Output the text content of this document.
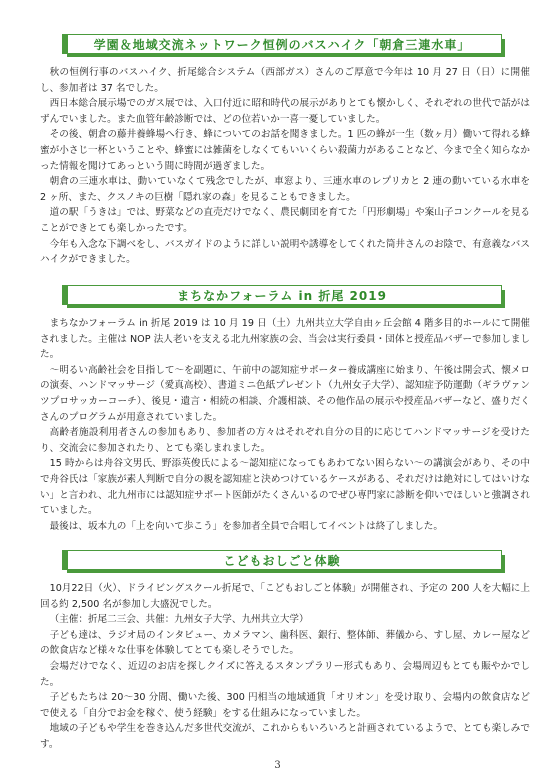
学園＆地域交流ネットワーク恒例のバスハイク「朝倉三連水車」

秋の恒例行事のバスハイク、折尾総合システム（西部ガス）さんのご厚意で今年は 10 月 27 日（日）に開催し、参加者は 37 名でした。

西日本総合展示場でのガス展では、入口付近に昭和時代の展示がありとても懐かしく、それぞれの世代で話がはずんでいました。また血管年齢診断では、どの位若いか一喜一憂していました。

その後、朝倉の藤井養蜂場へ行き、蜂についてのお話を聞きました。1 匹の蜂が一生（数ヶ月）働いて得れる蜂蜜が小さじ一杯ということや、蜂蜜には雑菌をしなくてもいいくらい殺菌力があることなど、今まで全く知らなかった情報を聞けてあっという間に時間が過ぎました。

朝倉の三連水車は、動いていなくて残念でしたが、車窓より、三連水車のレプリカと 2 連の動いている水車を 2 ヶ所、また、クスノキの巨樹「隠れ家の森」を見ることもできました。

道の駅「うきは」では、野菜などの直売だけでなく、農民劇団を育てた「円形劇場」や案山子コンクールを見ることができとても楽しかったです。

今年も入念な下調べをし、バスガイドのように詳しい説明や誘導をしてくれた筒井さんのお陰で、有意義なバスハイクができました。

まちなかフォーラム in 折尾 2019

まちなかフォーラム in 折尾 2019 は 10 月 19 日（土）九州共立大学自由ヶ丘会館 4 階多目的ホールにて開催されました。主催は NOP 法人老いを支える北九州家族の会、当会は実行委員・団体と授産品バザーで参加しました。

～明るい高齢社会を目指して～を副題に、午前中の認知症サポーター養成講座に始まり、午後は開会式、懐メロの演奏、ハンドマッサージ（愛真高校）、書道ミニ色紙プレゼント（九州女子大学）、認知症予防運動（ギラヴァンツプロサッカーコーチ）、後見・遺言・相続の相談、介護相談、その他作品の展示や授産品バザーなど、盛りだくさんのプログラムが用意されていました。

高齢者施設利用者さんの参加もあり、参加者の方々はそれぞれ自分の目的に応じてハンドマッサージを受けたり、交流会に参加されたり、とても楽しまれました。

15 時からは舟谷文男氏、野添英俊氏による～認知症になってもあわてない困らない～の講演会があり、その中で舟谷氏は「家族が素人判断で自分の親を認知症と決めつけているケースがある、それだけは絶対にしてはいけない」と言われ、北九州市には認知症サポート医師がたくさんいるのでぜひ専門家に診断を仰いでほしいと強調されていました。

最後は、坂本九の「上を向いて歩こう」を参加者全員で合唱してイベントは終了しました。

こどもおしごと体験

10月22日（火）、ドライビングスクール折尾で、「こどもおしごと体験」が開催され、予定の 200 人を大幅に上回る約 2,500 名が参加し大盛況でした。

（主催：折尾二三会、共催：九州女子大学、九州共立大学）

子ども達は、ラジオ局のインタビュー、カメラマン、歯科医、銀行、整体師、葬儀から、すし屋、カレー屋などの飲食店など様々な仕事を体験してとても楽しそうでした。

会場だけでなく、近辺のお店を探しクイズに答えるスタンプラリー形式もあり、会場周辺もとても賑やかでした。

子どもたちは 20～30 分間、働いた後、300 円相当の地域通貨「オリオン」を受け取り、会場内の飲食店などで使える「自分でお金を稼ぐ、使う経験」をする仕組みになっていました。

地域の子どもや学生を巻き込んだ多世代交流が、これからもいろいろと計画されているようで、とても楽しみです。

3
